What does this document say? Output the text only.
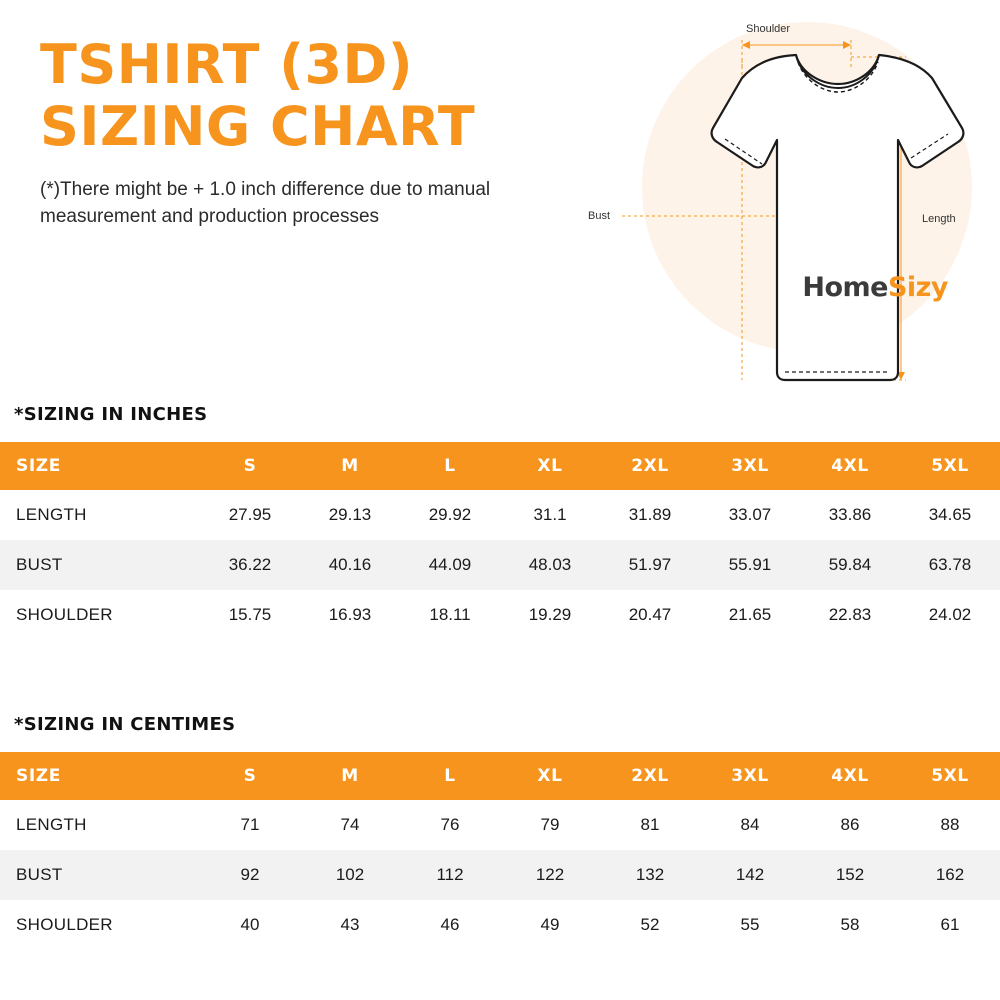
TSHIRT (3D)
SIZING CHART
(*)There might be + 1.0 inch difference due to manual measurement and production processes
Shoulder
Bust	Length
HomeSizy
*SIZING IN INCHES
SIZE	S	M	L	XL	2XL	3XL	4XL	5XL
LENGTH	27.95	29.13	29.92	31.1	31.89	33.07	33.86	34.65
BUST	36.22	40.16	44.09	48.03	51.97	55.91	59.84	63.78
SHOULDER	15.75	16.93	18.11	19.29	20.47	21.65	22.83	24.02
*SIZING IN CENTIMES
SIZE	S	M	L	XL	2XL	3XL	4XL	5XL
LENGTH	71	74	76	79	81	84	86	88
BUST	92	102	112	122	132	142	152	162
SHOULDER	40	43	46	49	52	55	58	61
